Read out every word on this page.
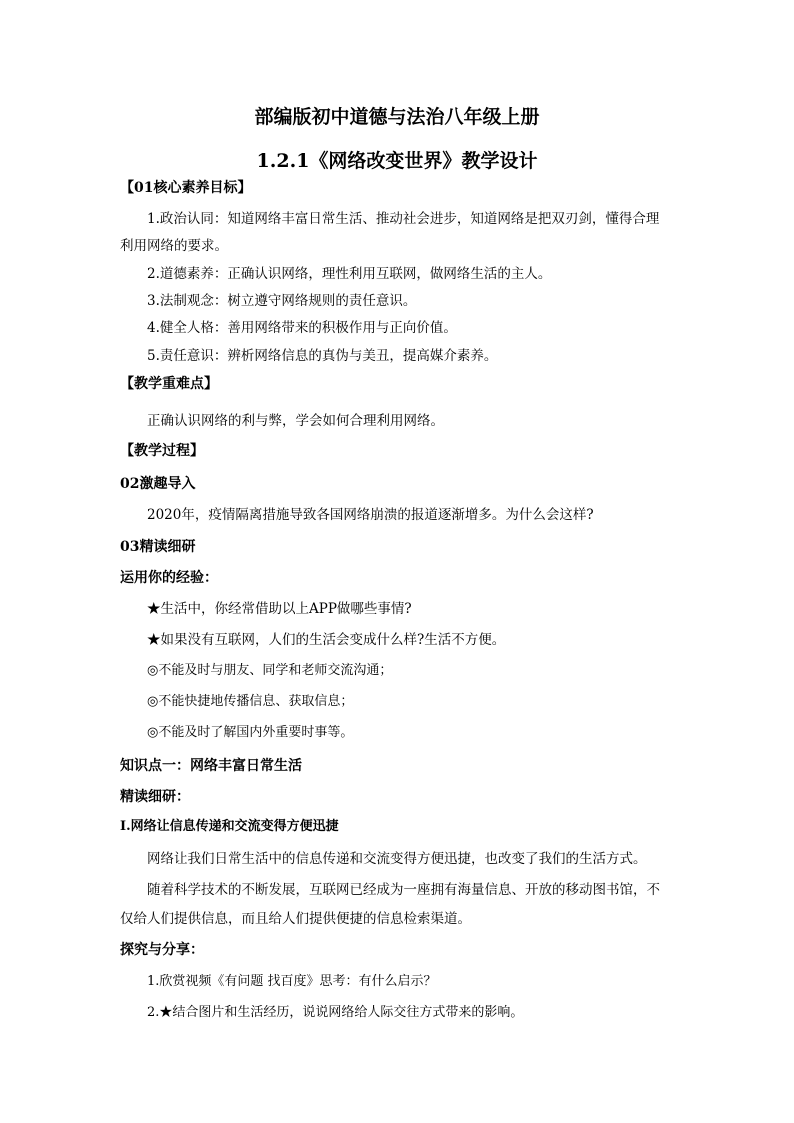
部编版初中道德与法治八年级上册
1.2.1《网络改变世界》教学设计
【01核心素养目标】
1.政治认同：知道网络丰富日常生活、推动社会进步，知道网络是把双刃剑，懂得合理
利用网络的要求。
2.道德素养：正确认识网络，理性利用互联网，做网络生活的主人。
3.法制观念：树立遵守网络规则的责任意识。
4.健全人格：善用网络带来的积极作用与正向价值。
5.责任意识：辨析网络信息的真伪与美丑，提高媒介素养。
【教学重难点】
正确认识网络的利与弊，学会如何合理利用网络。
【教学过程】
02激趣导入
2020年，疫情隔离措施导致各国网络崩溃的报道逐渐增多。为什么会这样?
03精读细研
运用你的经验：
★生活中，你经常借助以上APP做哪些事情?
★如果没有互联网，人们的生活会变成什么样?生活不方便。
◎不能及时与朋友、同学和老师交流沟通；
◎不能快捷地传播信息、获取信息；
◎不能及时了解国内外重要时事等。
知识点一：网络丰富日常生活
精读细研：
Ⅰ.网络让信息传递和交流变得方便迅捷
网络让我们日常生活中的信息传递和交流变得方便迅捷，也改变了我们的生活方式。
随着科学技术的不断发展，互联网已经成为一座拥有海量信息、开放的移动图书馆，不
仅给人们提供信息，而且给人们提供便捷的信息检索渠道。
探究与分享：
1.欣赏视频《有问题 找百度》思考：有什么启示？
2.★结合图片和生活经历，说说网络给人际交往方式带来的影响。
